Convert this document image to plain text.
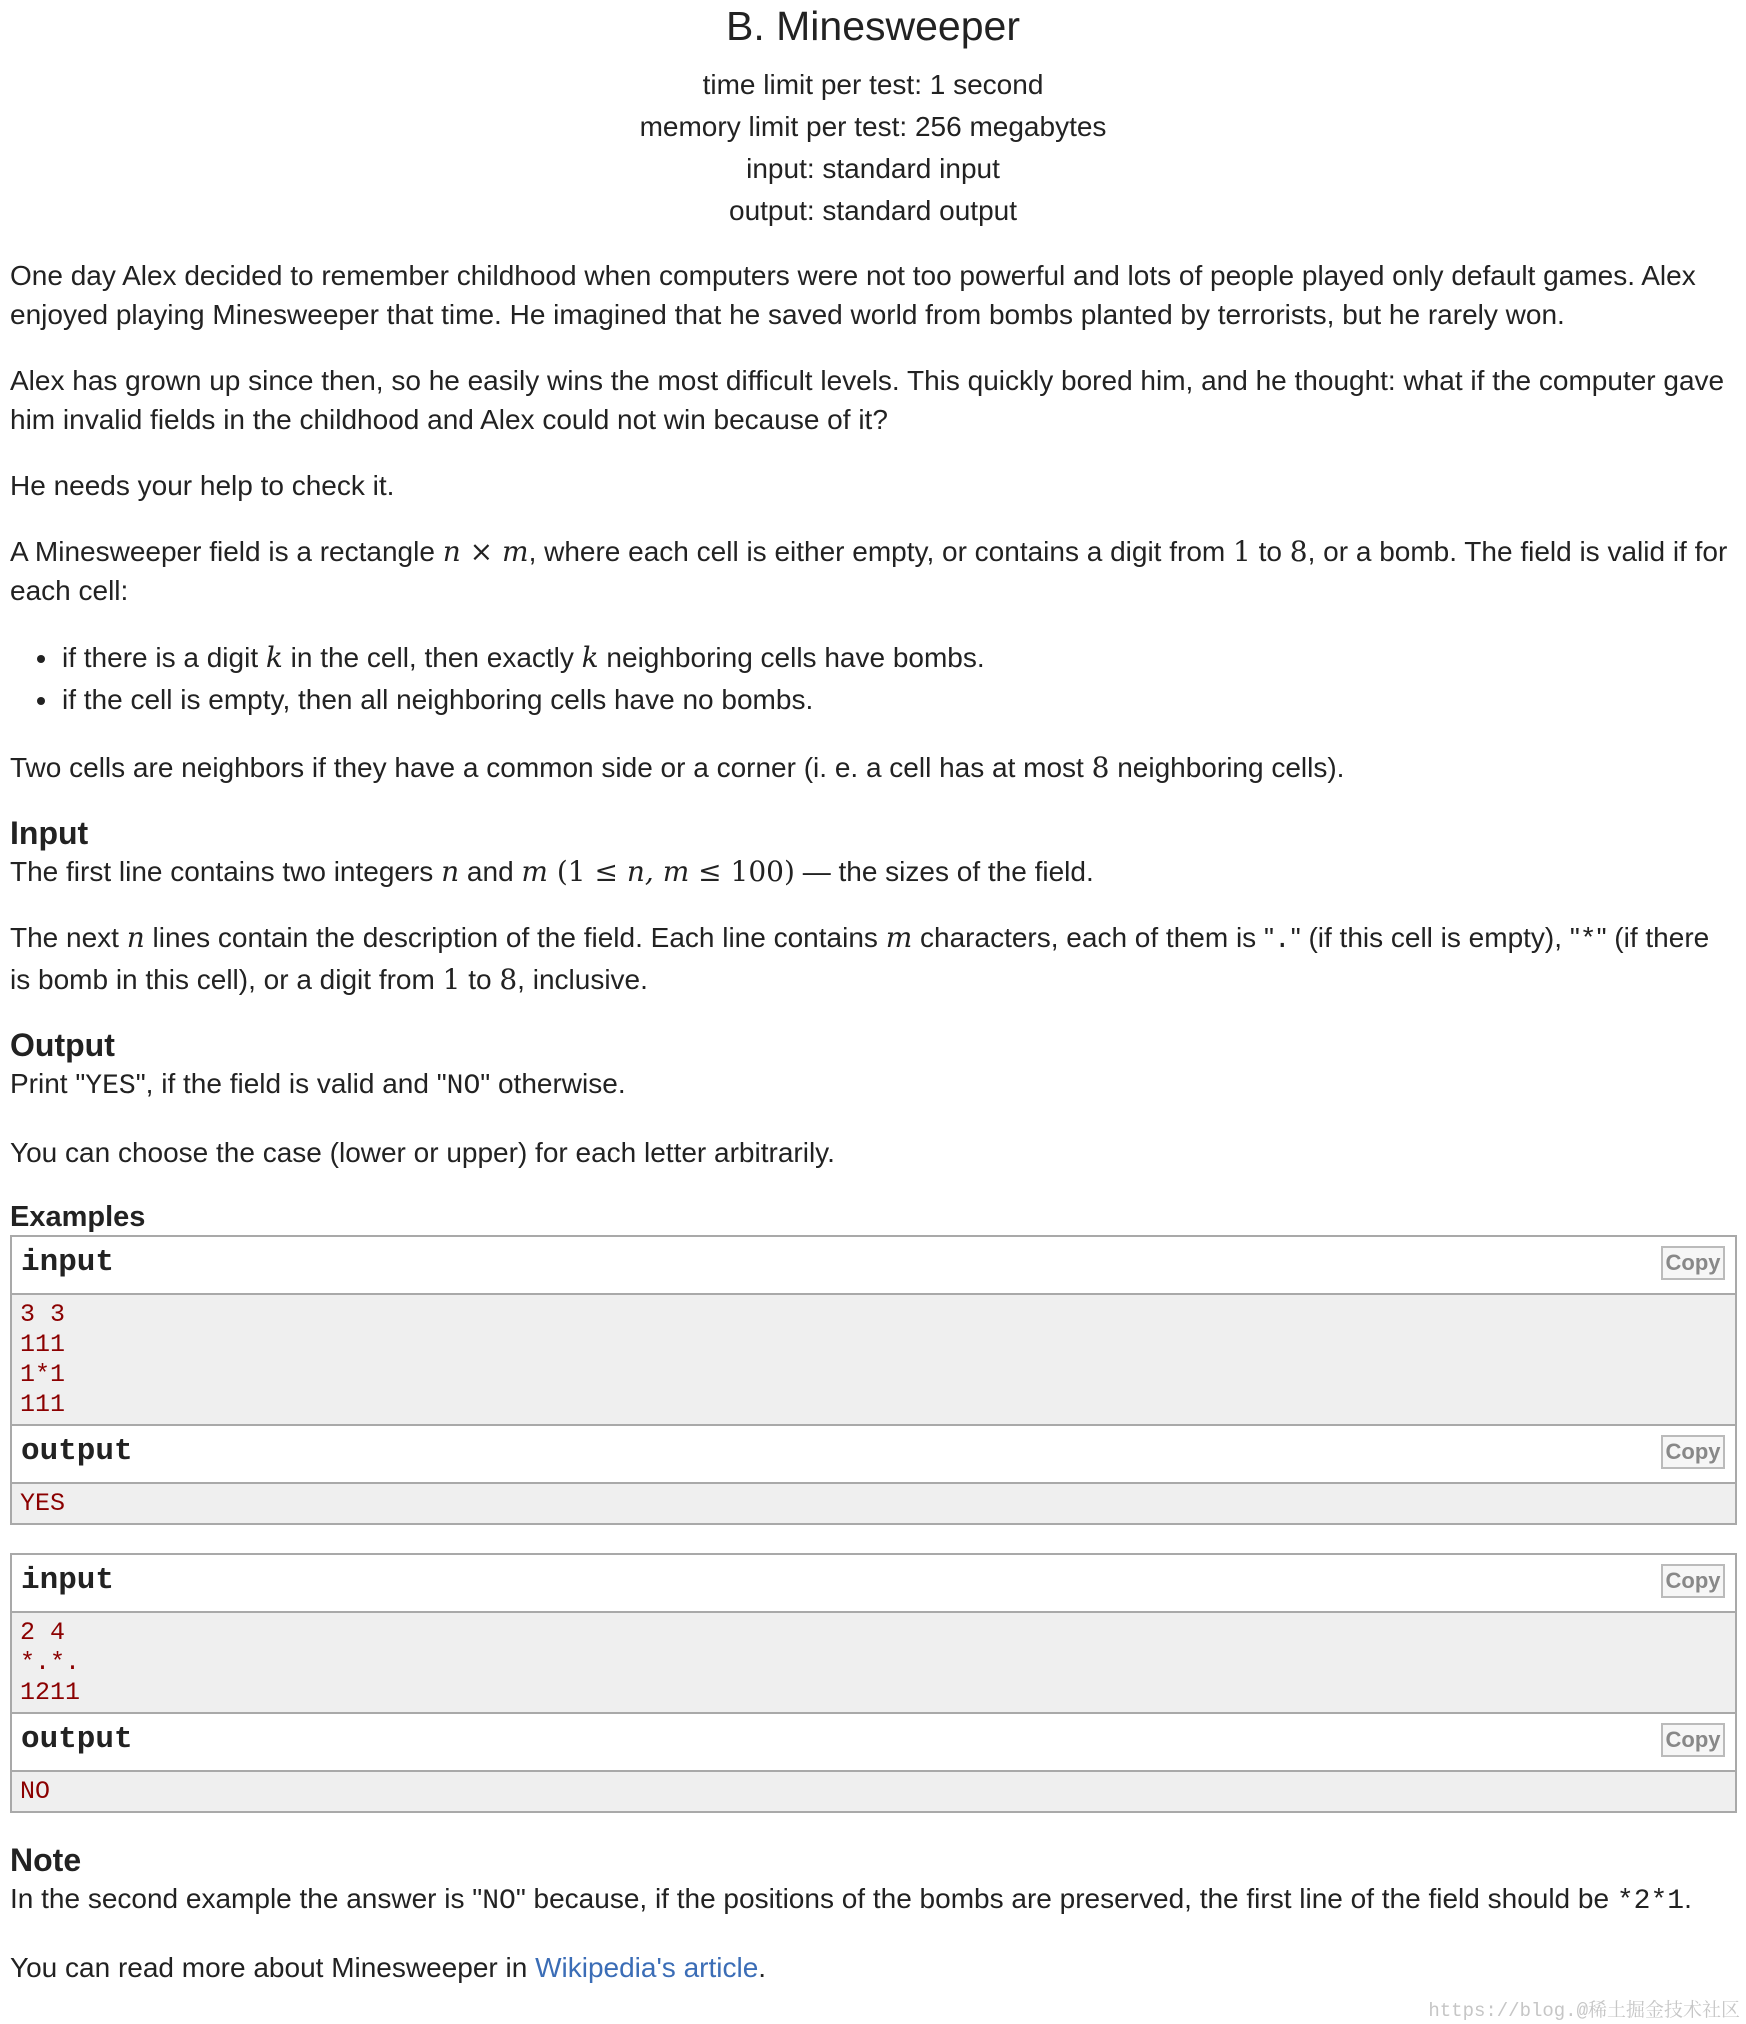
B. Minesweeper
time limit per test: 1 second
memory limit per test: 256 megabytes
input: standard input
output: standard output

One day Alex decided to remember childhood when computers were not too powerful and lots of people played only default games. Alex enjoyed playing Minesweeper that time. He imagined that he saved world from bombs planted by terrorists, but he rarely won.

Alex has grown up since then, so he easily wins the most difficult levels. This quickly bored him, and he thought: what if the computer gave him invalid fields in the childhood and Alex could not win because of it?

He needs your help to check it.

A Minesweeper field is a rectangle n × m, where each cell is either empty, or contains a digit from 1 to 8, or a bomb. The field is valid if for each cell:

• if there is a digit k in the cell, then exactly k neighboring cells have bombs.
• if the cell is empty, then all neighboring cells have no bombs.

Two cells are neighbors if they have a common side or a corner (i. e. a cell has at most 8 neighboring cells).

Input

The first line contains two integers n and m (1 ≤ n, m ≤ 100) — the sizes of the field.

The next n lines contain the description of the field. Each line contains m characters, each of them is "." (if this cell is empty), "*" (if there is bomb in this cell), or a digit from 1 to 8, inclusive.

Output

Print "YES", if the field is valid and "NO" otherwise.

You can choose the case (lower or upper) for each letter arbitrarily.

Examples
input	Copy
3 3
111
1*1
111
output	Copy
YES
input	Copy
2 4
*.*.
1211
output	Copy
NO
Note

In the second example the answer is "NO" because, if the positions of the bombs are preserved, the first line of the field should be *2*1.

You can read more about Minesweeper in Wikipedia's article.

https://blog.@稀土掘金技术社区
